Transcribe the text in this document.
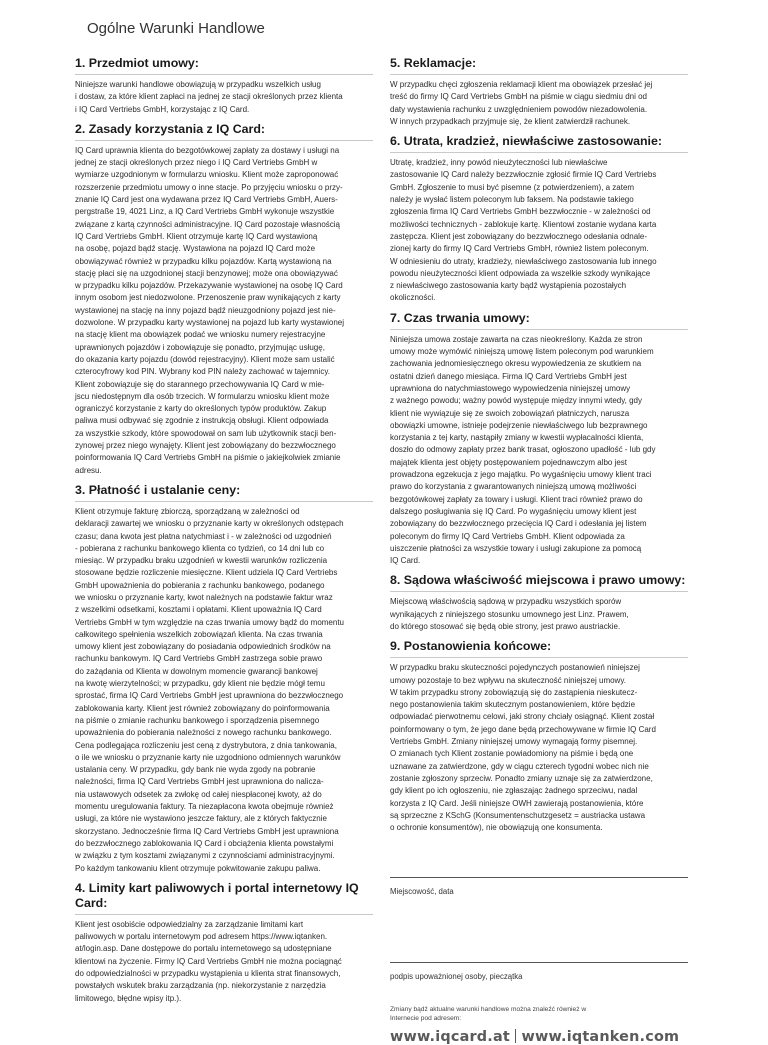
Ogólne Warunki Handlowe
1. Przedmiot umowy:

Niniejsze warunki handlowe obowiązują w przypadku wszelkich usług
i dostaw, za które klient zapłaci na jednej ze stacji określonych przez klienta
i IQ Card Vertriebs GmbH, korzystając z IQ Card.

2. Zasady korzystania z IQ Card:

IQ Card uprawnia klienta do bezgotówkowej zapłaty za dostawy i usługi na
jednej ze stacji określonych przez niego i IQ Card Vertriebs GmbH w
wymiarze uzgodnionym w formularzu wniosku. Klient może zaproponować
rozszerzenie przedmiotu umowy o inne stacje. Po przyjęciu wniosku o przy-
znanie IQ Card jest ona wydawana przez IQ Card Vertriebs GmbH, Auers-
pergstraße 19, 4021 Linz, a IQ Card Vertriebs GmbH wykonuje wszystkie
związane z kartą czynności administracyjne. IQ Card pozostaje własnością
IQ Card Vertriebs GmbH. Klient otrzymuje kartę IQ Card wystawioną
na osobę, pojazd bądź stację. Wystawiona na pojazd IQ Card może
obowiązywać również w przypadku kilku pojazdów. Kartą wystawioną na
stację płaci się na uzgodnionej stacji benzynowej; może ona obowiązywać
w przypadku kilku pojazdów. Przekazywanie wystawionej na osobę IQ Card
innym osobom jest niedozwolone. Przenoszenie praw wynikających z karty
wystawionej na stację na inny pojazd bądź nieuzgodniony pojazd jest nie-
dozwolone. W przypadku karty wystawionej na pojazd lub karty wystawionej
na stację klient ma obowiązek podać we wniosku numery rejestracyjne
uprawnionych pojazdów i zobowiązuje się ponadto, przyjmując usługę,
do okazania karty pojazdu (dowód rejestracyjny). Klient może sam ustalić
czterocyfrowy kod PIN. Wybrany kod PIN należy zachować w tajemnicy.
Klient zobowiązuje się do starannego przechowywania IQ Card w mie-
jscu niedostępnym dla osób trzecich. W formularzu wniosku klient może
ograniczyć korzystanie z karty do określonych typów produktów. Zakup
paliwa musi odbywać się zgodnie z instrukcją obsługi. Klient odpowiada
za wszystkie szkody, które spowodował on sam lub użytkownik stacji ben-
zynowej przez niego wynajęty. Klient jest zobowiązany do bezzwłocznego
poinformowania IQ Card Vertriebs GmbH na piśmie o jakiejkolwiek zmianie
adresu.

3. Płatność i ustalanie ceny:

Klient otrzymuje fakturę zbiorczą, sporządzaną w zależności od
deklaracji zawartej we wniosku o przyznanie karty w określonych odstępach
czasu; dana kwota jest płatna natychmiast i - w zależności od uzgodnień
- pobierana z rachunku bankowego klienta co tydzień, co 14 dni lub co
miesiąc. W przypadku braku uzgodnień w kwestii warunków rozliczenia
stosowane będzie rozliczenie miesięczne. Klient udziela IQ Card Vertriebs
GmbH upoważnienia do pobierania z rachunku bankowego, podanego
we wniosku o przyznanie karty, kwot należnych na podstawie faktur wraz
z wszelkimi odsetkami, kosztami i opłatami. Klient upoważnia IQ Card
Vertriebs GmbH w tym względzie na czas trwania umowy bądź do momentu
całkowitego spełnienia wszelkich zobowiązań klienta. Na czas trwania
umowy klient jest zobowiązany do posiadania odpowiednich środków na
rachunku bankowym. IQ Card Vertriebs GmbH zastrzega sobie prawo
do zażądania od Klienta w dowolnym momencie gwarancji bankowej
na kwotę wierzytelności; w przypadku, gdy klient nie będzie mógł temu
sprostać, firma IQ Card Vertriebs GmbH jest uprawniona do bezzwłocznego
zablokowania karty. Klient jest również zobowiązany do poinformowania
na piśmie o zmianie rachunku bankowego i sporządzenia pisemnego
upoważnienia do pobierania należności z nowego rachunku bankowego.
Cena podlegająca rozliczeniu jest ceną z dystrybutora, z dnia tankowania,
o ile we wniosku o przyznanie karty nie uzgodniono odmiennych warunków
ustalania ceny. W przypadku, gdy bank nie wyda zgody na pobranie
należności, firma IQ Card Vertriebs GmbH jest uprawniona do nalicza-
nia ustawowych odsetek za zwłokę od całej niespłaconej kwoty, aż do
momentu uregulowania faktury. Ta niezapłacona kwota obejmuje również
usługi, za które nie wystawiono jeszcze faktury, ale z których faktycznie
skorzystano. Jednocześnie firma IQ Card Vertriebs GmbH jest uprawniona
do bezzwłocznego zablokowania IQ Card i obciążenia klienta powstałymi
w związku z tym kosztami związanymi z czynnościami administracyjnymi.
Po każdym tankowaniu klient otrzymuje pokwitowanie zakupu paliwa.

4. Limity kart paliwowych i portal internetowy IQ Card:

Klient jest osobiście odpowiedzialny za zarządzanie limitami kart
paliwowych w portalu internetowym pod adresem https://www.iqtanken.
at/login.asp. Dane dostępowe do portalu internetowego są udostępniane
klientowi na życzenie. Firmy IQ Card Vertriebs GmbH nie można pociągnąć
do odpowiedzialności w przypadku wystąpienia u klienta strat finansowych,
powstałych wskutek braku zarządzania (np. niekorzystanie z narzędzia
limitowego, błędne wpisy itp.).

5. Reklamacje:

W przypadku chęci zgłoszenia reklamacji klient ma obowiązek przesłać jej
treść do firmy IQ Card Vertriebs GmbH na piśmie w ciągu siedmiu dni od
daty wystawienia rachunku z uwzględnieniem powodów niezadowolenia.
W innych przypadkach przyjmuje się, że klient zatwierdził rachunek.

6. Utrata, kradzież, niewłaściwe zastosowanie:

Utratę, kradzież, inny powód nieużyteczności lub niewłaściwe
zastosowanie IQ Card należy bezzwłocznie zgłosić firmie IQ Card Vertriebs
GmbH. Zgłoszenie to musi być pisemne (z potwierdzeniem), a zatem
należy je wysłać listem poleconym lub faksem. Na podstawie takiego
zgłoszenia firma IQ Card Vertriebs GmbH bezzwłocznie - w zależności od
możliwości technicznych - zablokuje kartę. Klientowi zostanie wydana karta
zastępcza. Klient jest zobowiązany do bezzwłocznego odesłania odnale-
zionej karty do firmy IQ Card Vertriebs GmbH, również listem poleconym.
W odniesieniu do utraty, kradzieży, niewłaściwego zastosowania lub innego
powodu nieużyteczności klient odpowiada za wszelkie szkody wynikające
z niewłaściwego zastosowania karty bądź wystąpienia pozostałych
okoliczności.

7. Czas trwania umowy:

Niniejsza umowa zostaje zawarta na czas nieokreślony. Każda ze stron
umowy może wymówić niniejszą umowę listem poleconym pod warunkiem
zachowania jednomiesięcznego okresu wypowiedzenia ze skutkiem na
ostatni dzień danego miesiąca. Firma IQ Card Vertriebs GmbH jest
uprawniona do natychmiastowego wypowiedzenia niniejszej umowy
z ważnego powodu; ważny powód występuje między innymi wtedy, gdy
klient nie wywiązuje się ze swoich zobowiązań płatniczych, narusza
obowiązki umowne, istnieje podejrzenie niewłaściwego lub bezprawnego
korzystania z tej karty, nastąpiły zmiany w kwestii wypłacalności klienta,
doszło do odmowy zapłaty przez bank trasat, ogłoszono upadłość - lub gdy
majątek klienta jest objęty postępowaniem pojednawczym albo jest
prowadzona egzekucja z jego majątku. Po wygaśnięciu umowy klient traci
prawo do korzystania z gwarantowanych niniejszą umową możliwości
bezgotówkowej zapłaty za towary i usługi. Klient traci również prawo do
dalszego posługiwania się IQ Card. Po wygaśnięciu umowy klient jest
zobowiązany do bezzwłocznego przecięcia IQ Card i odesłania jej listem
poleconym do firmy IQ Card Vertriebs GmbH. Klient odpowiada za
uiszczenie płatności za wszystkie towary i usługi zakupione za pomocą
IQ Card.

8. Sądowa właściwość miejscowa i prawo umowy:

Miejscową właściwością sądową w przypadku wszystkich sporów
wynikających z niniejszego stosunku umownego jest Linz. Prawem,
do którego stosować się będą obie strony, jest prawo austriackie.

9. Postanowienia końcowe:

W przypadku braku skuteczności pojedynczych postanowień niniejszej
umowy pozostaje to bez wpływu na skuteczność niniejszej umowy.
W takim przypadku strony zobowiązują się do zastąpienia nieskutecz-
nego postanowienia takim skutecznym postanowieniem, które będzie
odpowiadać pierwotnemu celowi, jaki strony chciały osiągnąć. Klient został
poinformowany o tym, że jego dane będą przechowywane w firmie IQ Card
Vertriebs GmbH. Zmiany niniejszej umowy wymagają formy pisemnej.
O zmianach tych Klient zostanie powiadomiony na piśmie i będą one
uznawane za zatwierdzone, gdy w ciągu czterech tygodni wobec nich nie
zostanie zgłoszony sprzeciw. Ponadto zmiany uznaje się za zatwierdzone,
gdy klient po ich ogłoszeniu, nie zgłaszając żadnego sprzeciwu, nadal
korzysta z IQ Card. Jeśli niniejsze OWH zawierają postanowienia, które
są sprzeczne z KSchG (Konsumentenschutzgesetz = austriacka ustawa
o ochronie konsumentów), nie obowiązują one konsumenta.

Miejscowość, data
podpis upoważnionej osoby, pieczątka
Zmiany bądź aktualne warunki handlowe można znaleźć również w
Internecie pod adresem:
www.iqcard.at www.iqtanken.com
